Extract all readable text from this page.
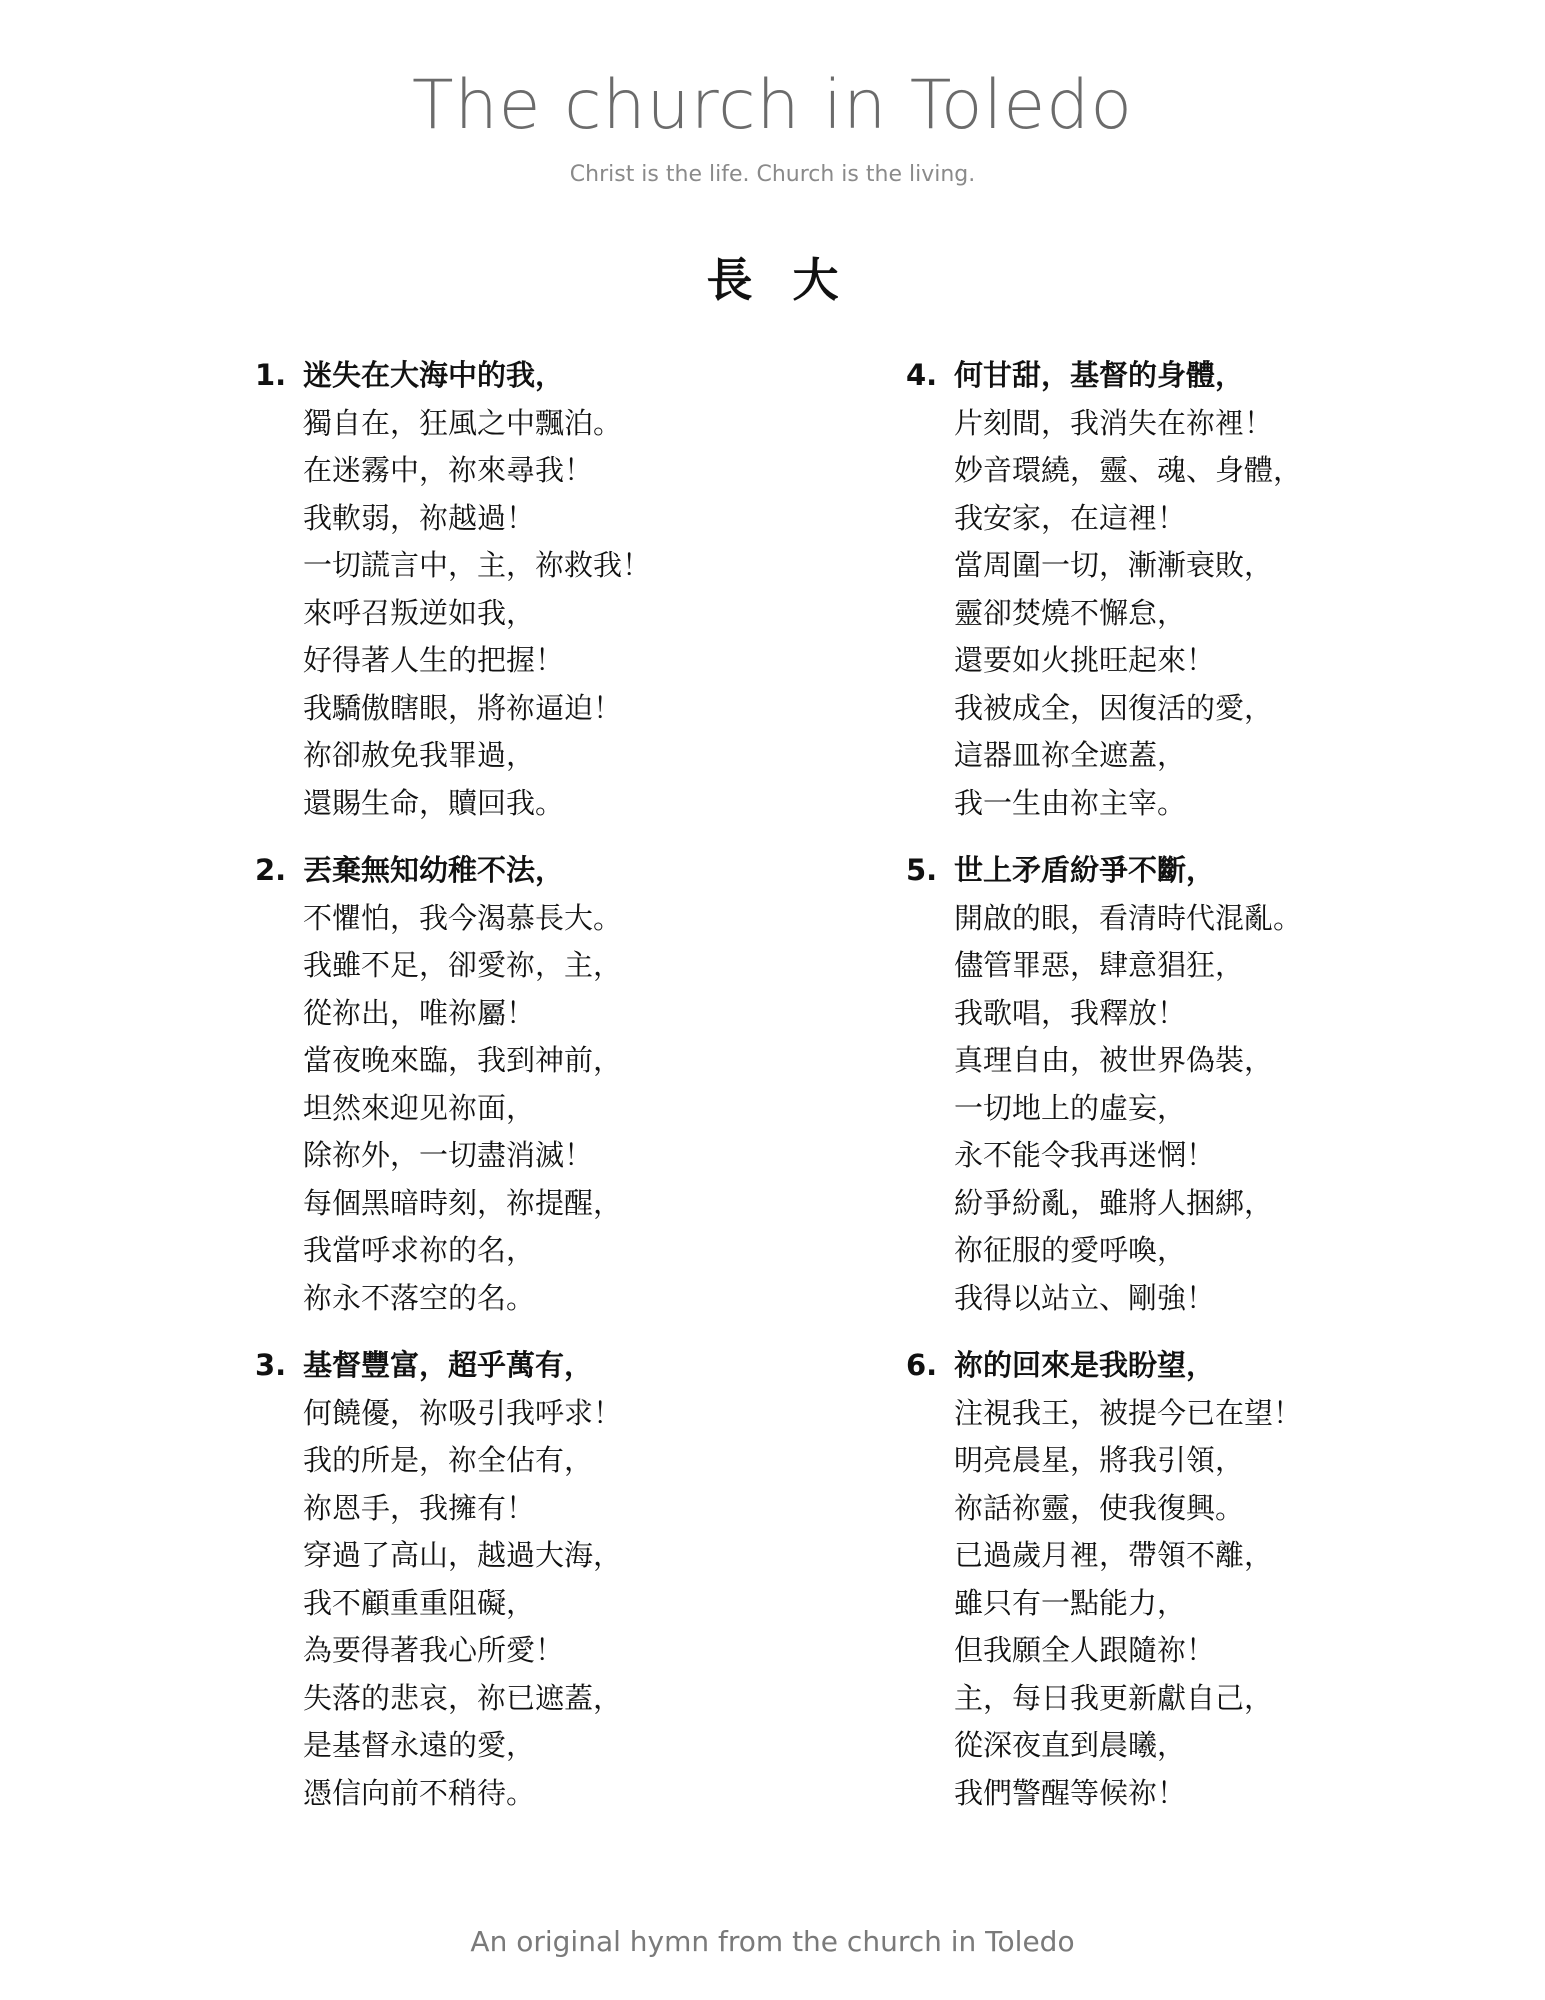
The church in Toledo
Christ is the life. Church is the living.
長大
1. 迷失在大海中的我，
獨自在，狂風之中飄泊。
在迷霧中，祢來尋我！
我軟弱，祢越過！
一切謊言中，主，祢救我！
來呼召叛逆如我，
好得著人生的把握！
我驕傲瞎眼，將祢逼迫！
祢卻赦免我罪過，
還賜生命，贖回我。
2. 丟棄無知幼稚不法，
不懼怕，我今渴慕長大。
我雖不足，卻愛祢，主，
從祢出，唯祢屬！
當夜晚來臨，我到神前，
坦然來迎见祢面，
除祢外，一切盡消滅！
每個黑暗時刻，祢提醒，
我當呼求祢的名，
祢永不落空的名。
3. 基督豐富，超乎萬有，
何饒優，祢吸引我呼求！
我的所是，祢全佔有，
祢恩手，我擁有！
穿過了高山，越過大海，
我不顧重重阻礙，
為要得著我心所愛！
失落的悲哀，祢已遮蓋，
是基督永遠的愛，
憑信向前不稍待。
4. 何甘甜，基督的身體，
片刻間，我消失在祢裡！
妙音環繞，靈、魂、身體，
我安家，在這裡！
當周圍一切，漸漸衰敗，
靈卻焚燒不懈怠，
還要如火挑旺起來！
我被成全，因復活的愛，
這器皿祢全遮蓋，
我一生由祢主宰。
5. 世上矛盾紛爭不斷，
開啟的眼，看清時代混亂。
儘管罪惡，肆意猖狂，
我歌唱，我釋放！
真理自由，被世界偽裝，
一切地上的虛妄，
永不能令我再迷惘！
紛爭紛亂，雖將人捆綁，
祢征服的愛呼喚，
我得以站立、剛強！
6. 祢的回來是我盼望，
注視我王，被提今已在望！
明亮晨星，將我引領，
祢話祢靈，使我復興。
已過歲月裡，帶領不離，
雖只有一點能力，
但我願全人跟隨祢！
主，每日我更新獻自己，
從深夜直到晨曦，
我們警醒等候祢！
An original hymn from the church in Toledo
